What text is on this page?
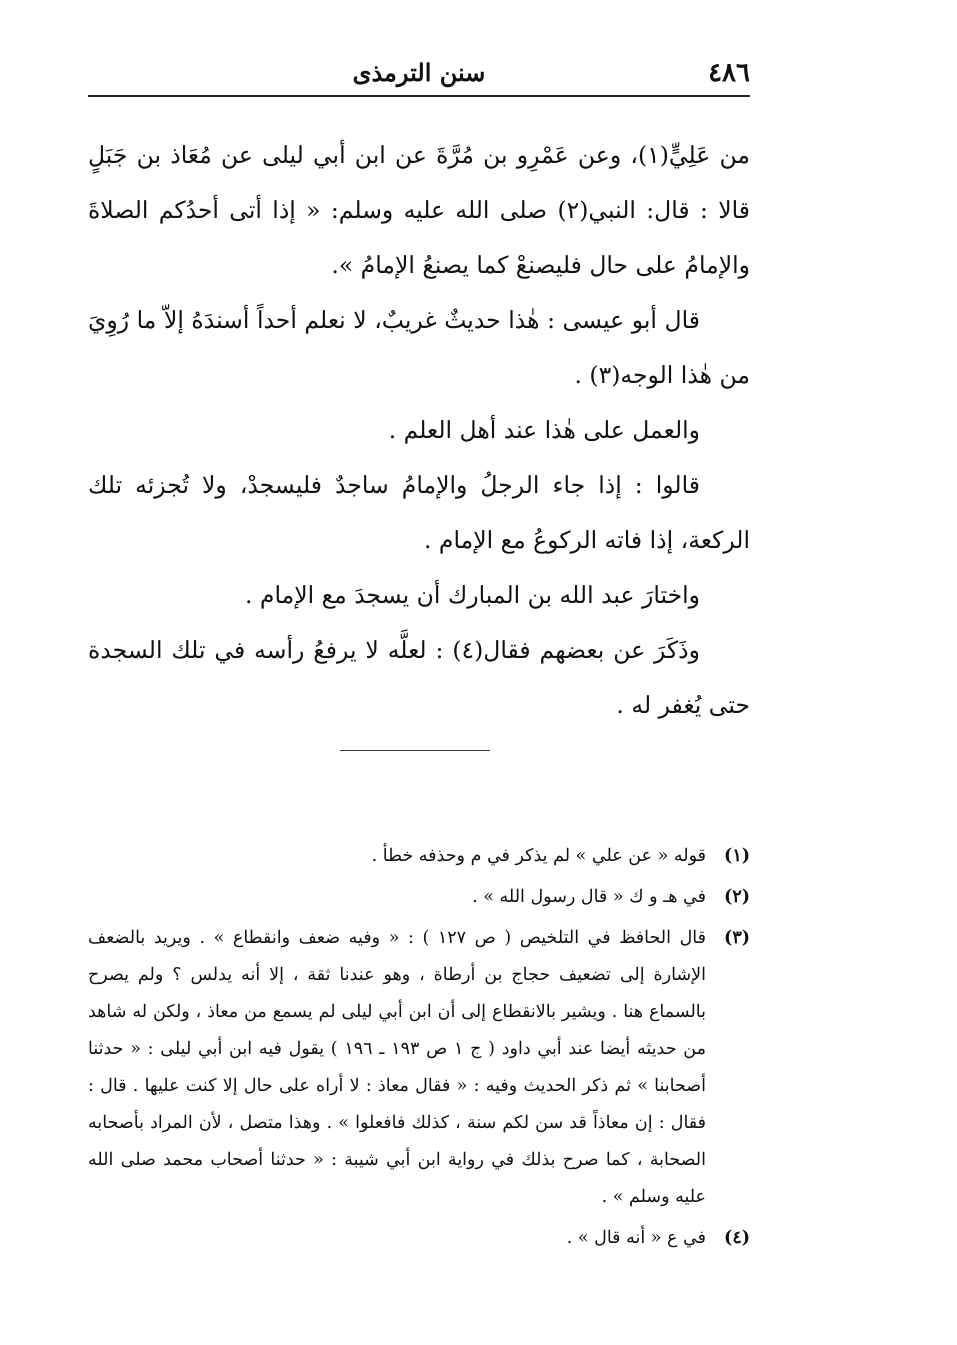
٤٨٦
سنن الترمذى

من عَلِيٍّ(١)، وعن عَمْرِو بن مُرَّةَ عن ابن أبي ليلى عن مُعَاذ بن جَبَلٍ قالا : قال: النبي(٢) صلى الله عليه وسلم: « إذا أتى أحدُكم الصلاةَ والإمامُ على حال فليصنعْ كما يصنعُ الإمامُ ».

قال أبو عيسى : هٰذا حديثٌ غريبٌ، لا نعلم أحداً أسندَهُ إلاّ ما رُوِيَ من هٰذا الوجه(٣) .

والعمل على هٰذا عند أهل العلم .

قالوا : إذا جاء الرجلُ والإمامُ ساجدٌ فليسجدْ، ولا تُجزئه تلك الركعة، إذا فاته الركوعُ مع الإمام .

واختارَ عبد الله بن المبارك أن يسجدَ مع الإمام .

وذَكَرَ عن بعضهم فقال(٤) : لعلَّه لا يرفعُ رأسه في تلك السجدة حتى يُغفر له .

(١)
قوله « عن علي » لم يذكر في م وحذفه خطأ .
(٢)
في هـ و ك « قال رسول الله » .
(٣)
قال الحافظ في التلخيص ( ص ١٢٧ ) : « وفيه ضعف وانقطاع » . ويريد بالضعف الإشارة إلى تضعيف حجاج بن أرطاة ، وهو عندنا ثقة ، إلا أنه يدلس ؟ ولم يصرح بالسماع هنا . ويشير بالانقطاع إلى أن ابن أبي ليلى لم يسمع من معاذ ، ولكن له شاهد من حديثه أيضا عند أبي داود ( ج ١ ص ١٩٣ ـ ١٩٦ ) يقول فيه ابن أبي ليلى : « حدثنا أصحابنا » ثم ذكر الحديث وفيه : « فقال معاذ : لا أراه على حال إلا كنت عليها . قال : فقال : إن معاذاً قد سن لكم سنة ، كذلك فافعلوا » . وهذا متصل ، لأن المراد بأصحابه الصحابة ، كما صرح بذلك في رواية ابن أبي شيبة : « حدثنا أصحاب محمد صلى الله عليه وسلم » .
(٤)
في ع « أنه قال » .
